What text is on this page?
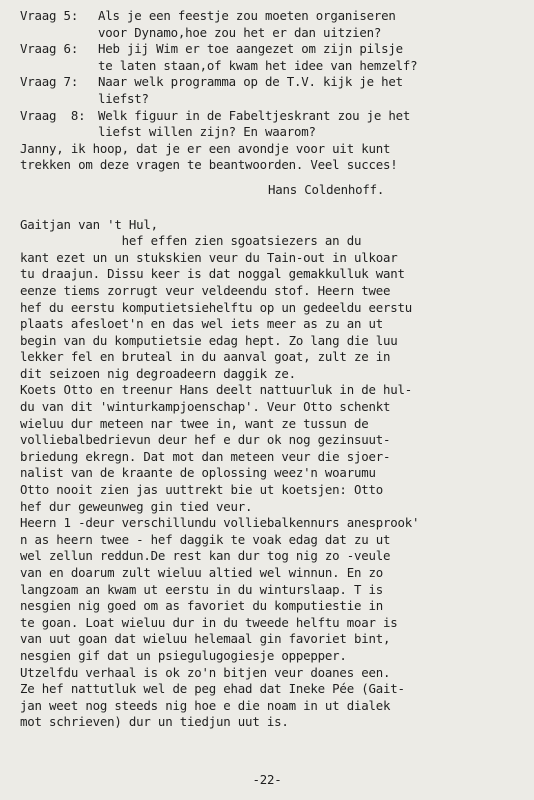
Vraag 5:	Als je een feestje zou moeten organiseren
voor Dynamo,hoe zou het er dan uitzien?
Vraag 6:	Heb jij Wim er toe aangezet om zijn pilsje
te laten staan,of kwam het idee van hemzelf?
Vraag 7:	Naar welk programma op de T.V. kijk je het
liefst?
Vraag  8:	Welk figuur in de Fabeltjeskrant zou je het
liefst willen zijn? En waarom?
Janny, ik hoop, dat je er een avondje voor uit kunt
trekken om deze vragen te beantwoorden. Veel succes!
Hans Coldenhoff.
Gaitjan van 't Hul,
hef effen zien sgoatsiezers an du
kant ezet un un stukskien veur du Tain-out in ulkoar
tu draajun. Dissu keer is dat noggal gemakkulluk want
eenze tiems zorrugt veur veldeendu stof. Heern twee
hef du eerstu komputietsiehelftu op un gedeeldu eerstu
plaats afesloet'n en das wel iets meer as zu an ut
begin van du komputietsie edag hept. Zo lang die luu
lekker fel en bruteal in du aanval goat, zult ze in
dit seizoen nig degroadeern daggik ze.
Koets Otto en treenur Hans deelt nattuurluk in de hul-
du van dit 'winturkampjoenschap'. Veur Otto schenkt
wieluu dur meteen nar twee in, want ze tussun de
volliebalbedrievun deur hef e dur ok nog gezinsuut-
briedung ekregn. Dat mot dan meteen veur die sjoer-
nalist van de kraante de oplossing weez'n woarumu
Otto nooit zien jas uuttrekt bie ut koetsjen: Otto
hef dur geweunweg gin tied veur.
Heern 1 -deur verschillundu volliebalkennurs anesprook'
n as heern twee - hef daggik te voak edag dat zu ut
wel zellun reddun.De rest kan dur tog nig zo -veule
van en doarum zult wieluu altied wel winnun. En zo
langzoam an kwam ut eerstu in du winturslaap. T is
nesgien nig goed om as favoriet du komputiestie in
te goan. Loat wieluu dur in du tweede helftu moar is
van uut goan dat wieluu helemaal gin favoriet bint,
nesgien gif dat un psiegulugogiesje oppepper.
Utzelfdu verhaal is ok zo'n bitjen veur doanes een.
Ze hef nattutluk wel de peg ehad dat Ineke Pée (Gait-
jan weet nog steeds nig hoe e die noam in ut dialek
mot schrieven) dur un tiedjun uut is.
-22-
